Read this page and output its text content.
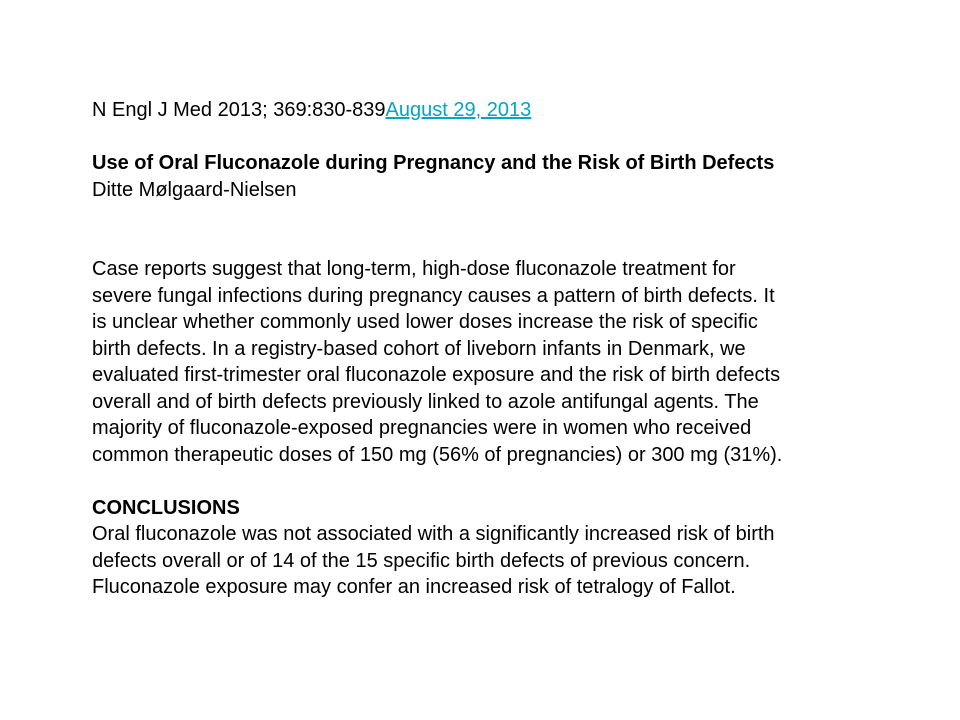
N Engl J Med 2013; 369:830-839August 29, 2013
Use of Oral Fluconazole during Pregnancy and the Risk of Birth Defects
Ditte Mølgaard-Nielsen
Case reports suggest that long-term, high-dose fluconazole treatment for
severe fungal infections during pregnancy causes a pattern of birth defects. It
is unclear whether commonly used lower doses increase the risk of specific
birth defects. In a registry-based cohort of liveborn infants in Denmark, we
evaluated first-trimester oral fluconazole exposure and the risk of birth defects
overall and of birth defects previously linked to azole antifungal agents. The
majority of fluconazole-exposed pregnancies were in women who received
common therapeutic doses of 150 mg (56% of pregnancies) or 300 mg (31%).
CONCLUSIONS
Oral fluconazole was not associated with a significantly increased risk of birth
defects overall or of 14 of the 15 specific birth defects of previous concern.
Fluconazole exposure may confer an increased risk of tetralogy of Fallot.
